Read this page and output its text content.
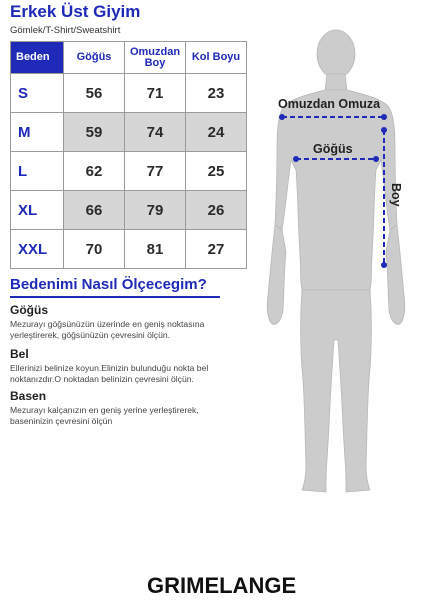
Erkek Üst Giyim
Gömlek/T-Shirt/Sweatshirt
Beden	Göğüs	Omuzdan Boy	Kol Boyu
S	56	71	23
M	59	74	24
L	62	77	25
XL	66	79	26
XXL	70	81	27
Bedenimi Nasıl Ölçecegim?
Göğüs
Mezurayı göğsünüzün üzerinde en geniş noktasına yerleştirerek, göğsünüzün çevresini ölçün.
Bel
Ellerinizi belinize koyun.Elinizin bulunduğu nokta bel noktanızdır.O noktadan belinizin çevresini ölçün.
Basen
Mezurayı kalçanızın en geniş yerine yerleştirerek, baseninizin çevresini ölçün
Omuzdan Omuza
Göğüs
Boy
GRIMELANGE
